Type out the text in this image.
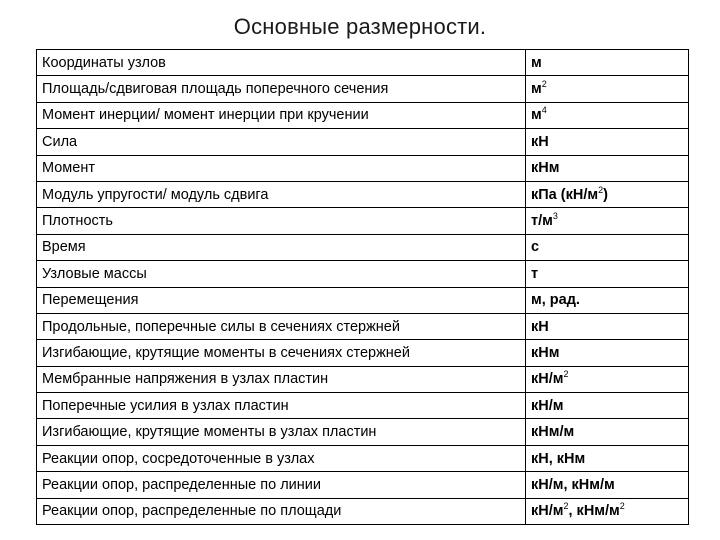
Основные размерности.
Координаты узлов	м
Площадь/сдвиговая площадь поперечного сечения	$м^2$
Момент инерции/ момент инерции при кручении	$м^4$
Сила	кН
Момент	кНм
Модуль упругости/ модуль сдвига	кПа $(кН/м^2)$
Плотность	$т/м^3$
Время	с
Узловые массы	т
Перемещения	м, рад.
Продольные, поперечные силы в сечениях стержней	кН
Изгибающие, крутящие моменты в сечениях стержней	кНм
Мембранные напряжения в узлах пластин	$кН/м^2$
Поперечные усилия в узлах пластин	кН/м
Изгибающие, крутящие моменты в узлах пластин	кНм/м
Реакции опор, сосредоточенные в узлах	кН, кНм
Реакции опор, распределенные по линии	кН/м, кНм/м
Реакции опор, распределенные по площади	$кН/м^2$, кНм/$м^2$
